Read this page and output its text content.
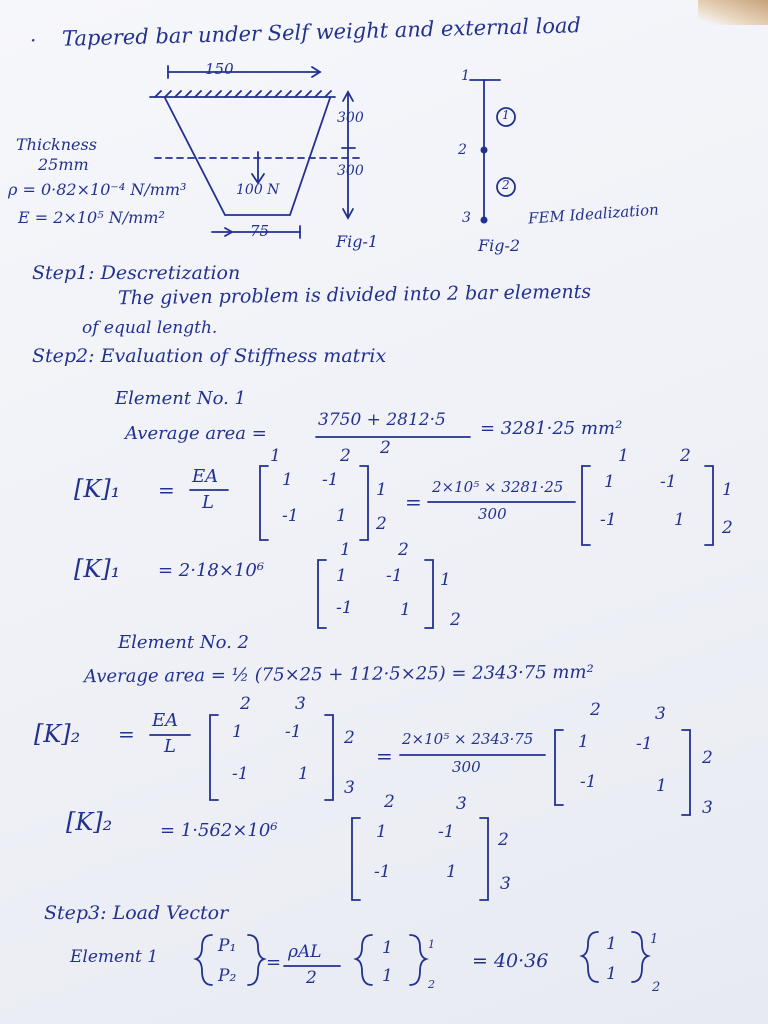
· Tapered bar under Self weight and external load
150
300
300
100 N
75
Fig-1
Thickness
25mm
ρ = 0·82×10⁻⁴ N/mm³
E = 2×10⁵ N/mm²
1
2
3
1
2
FEM Idealization
Fig-2
Step1: Descretization
The given problem is divided into 2 bar elements
of equal length.
Step2: Evaluation of Stiffness matrix
Element No. 1
Average area =
3750 + 2812·5
2
= 3281·25 mm²
[K]₁ =
EA
L
1	2
1 -1
-1 1
1
2
=
2×10⁵ × 3281·25
300
1	2
1	-1
-1	1
1
2
[K]₁ = 2·18×10⁶
1	2
1 -1
-1	1
1
2
Element No. 2
Average area = ½ (75×25 + 112·5×25) = 2343·75 mm²
[K]₂ =
EA
L
2	3
1 -1
-1	1
2
3
=
2×10⁵ × 2343·75
300
2	3
1	-1
-1	1
2
3
[K]₂	= 1·562×10⁶
2	3
1	-1
-1	1
2
3
Step3: Load Vector
Element 1
P₁
P₂
= ρAL
2
1
1
1
2
= 40·36
1
1
1
2
